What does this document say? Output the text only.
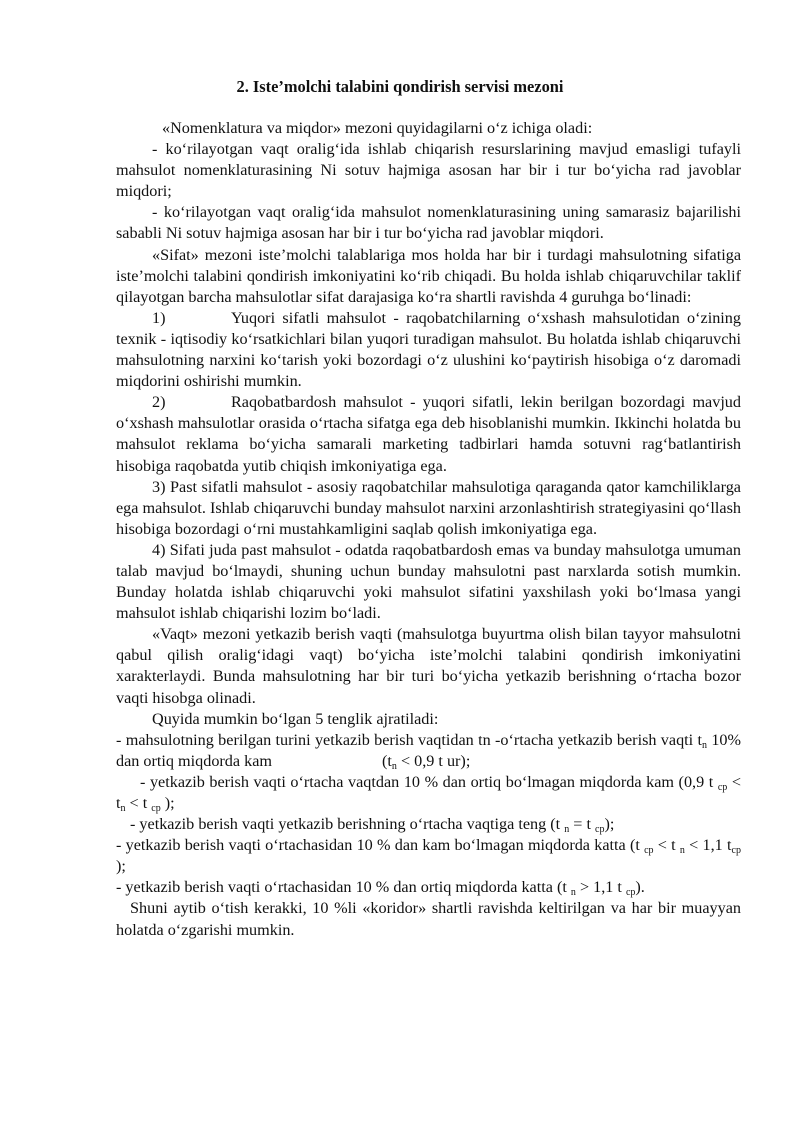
2. Iste’molchi talabini qondirish servisi mezoni

«Nomenklatura va miqdor» mezoni quyidagilarni o‘z ichiga oladi:

- ko‘rilayotgan vaqt oralig‘ida ishlab chiqarish resurslarining mavjud emasligi tufayli mahsulot nomenklaturasining Ni sotuv hajmiga asosan har bir i tur bo‘yicha rad javoblar miqdori;

- ko‘rilayotgan vaqt oralig‘ida mahsulot nomenklaturasining uning samarasiz bajarilishi sababli Ni sotuv hajmiga asosan har bir i tur bo‘yicha rad javoblar miqdori.

«Sifat» mezoni iste’molchi talablariga mos holda har bir i turdagi mahsulotning sifatiga iste’molchi talabini qondirish imkoniyatini ko‘rib chiqadi. Bu holda ishlab chiqaruvchilar taklif qilayotgan barcha mahsulotlar sifat darajasiga ko‘ra shartli ravishda 4 guruhga bo‘linadi:

1)	Yuqori sifatli mahsulot - raqobatchilarning o‘xshash mahsulotidan o‘zining texnik - iqtisodiy ko‘rsatkichlari bilan yuqori turadigan mahsulot. Bu holatda ishlab chiqaruvchi mahsulotning narxini ko‘tarish yoki bozordagi o‘z ulushini ko‘paytirish hisobiga o‘z daromadi miqdorini oshirishi mumkin.

2)	Raqobatbardosh mahsulot - yuqori sifatli, lekin berilgan bozordagi mavjud o‘xshash mahsulotlar orasida o‘rtacha sifatga ega deb hisoblanishi mumkin. Ikkinchi holatda bu mahsulot reklama bo‘yicha samarali marketing tadbirlari hamda sotuvni rag‘batlantirish hisobiga raqobatda yutib chiqish imkoniyatiga ega.

3) Past sifatli mahsulot - asosiy raqobatchilar mahsulotiga qaraganda qator kamchiliklarga ega mahsulot. Ishlab chiqaruvchi bunday mahsulot narxini arzonlashtirish strategiyasini qo‘llash hisobiga bozordagi o‘rni mustahkamligini saqlab qolish imkoniyatiga ega.

4) Sifati juda past mahsulot - odatda raqobatbardosh emas va bunday mahsulotga umuman talab mavjud bo‘lmaydi, shuning uchun bunday mahsulotni past narxlarda sotish mumkin. Bunday holatda ishlab chiqaruvchi yoki mahsulot sifatini yaxshilash yoki bo‘lmasa yangi mahsulot ishlab chiqarishi lozim bo‘ladi.

«Vaqt» mezoni yetkazib berish vaqti (mahsulotga buyurtma olish bilan tayyor mahsulotni qabul qilish oralig‘idagi vaqt) bo‘yicha iste’molchi talabini qondirish imkoniyatini xarakterlaydi. Bunda mahsulotning har bir turi bo‘yicha yetkazib berishning o‘rtacha bozor vaqti hisobga olinadi.

Quyida mumkin bo‘lgan 5 tenglik ajratiladi:

- mahsulotning berilgan turini yetkazib berish vaqtidan tn -o‘rtacha yetkazib berish vaqti $t_n$ 10% dan ortiq miqdorda kam	($t_n < 0,9$ t ur);

- yetkazib berish vaqti o‘rtacha vaqtdan 10 % dan ortiq bo‘lmagan miqdorda kam (0,9 t $_{cp} < t_n < t$ $_{cp}$ );

- yetkazib berish vaqti yetkazib berishning o‘rtacha vaqtiga teng (t $_n$ = t $_{cp}$);

- yetkazib berish vaqti o‘rtachasidan 10 % dan kam bo‘lmagan miqdorda katta (t $_{cp}$ < t $_n$ < 1,1 $t_{cp}$ );

- yetkazib berish vaqti o‘rtachasidan 10 % dan ortiq miqdorda katta (t $_n$ > 1,1 t $_{cp}$).

Shuni aytib o‘tish kerakki, 10 %li «koridor» shartli ravishda keltirilgan va har bir muayyan holatda o‘zgarishi mumkin.
